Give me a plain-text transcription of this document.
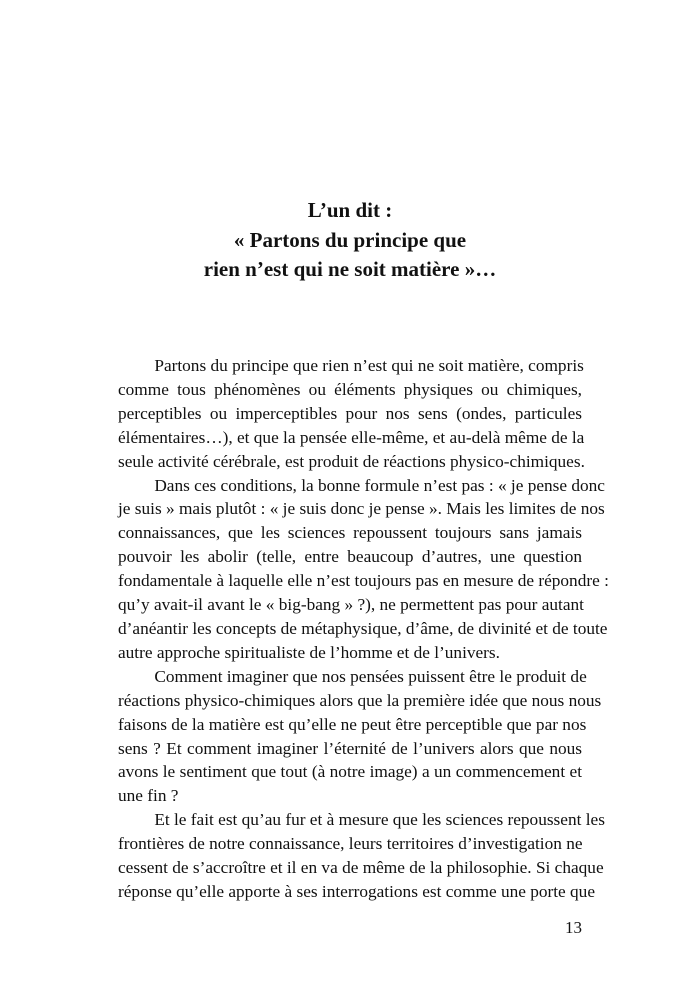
L’un dit :
« Partons du principe que
rien n’est qui ne soit matière »…
Partons du principe que rien n’est qui ne soit matière, compris
comme tous phénomènes ou éléments physiques ou chimiques,
perceptibles ou imperceptibles pour nos sens (ondes, particules
élémentaires…), et que la pensée elle-même, et au-delà même de la
seule activité cérébrale, est produit de réactions physico-chimiques.
Dans ces conditions, la bonne formule n’est pas : « je pense donc
je suis » mais plutôt : « je suis donc je pense ». Mais les limites de nos
connaissances, que les sciences repoussent toujours sans jamais
pouvoir les abolir (telle, entre beaucoup d’autres, une question
fondamentale à laquelle elle n’est toujours pas en mesure de répondre :
qu’y avait-il avant le « big-bang » ?), ne permettent pas pour autant
d’anéantir les concepts de métaphysique, d’âme, de divinité et de toute
autre approche spiritualiste de l’homme et de l’univers.
Comment imaginer que nos pensées puissent être le produit de
réactions physico-chimiques alors que la première idée que nous nous
faisons de la matière est qu’elle ne peut être perceptible que par nos
sens ? Et comment imaginer l’éternité de l’univers alors que nous
avons le sentiment que tout (à notre image) a un commencement et
une fin ?
Et le fait est qu’au fur et à mesure que les sciences repoussent les
frontières de notre connaissance, leurs territoires d’investigation ne
cessent de s’accroître et il en va de même de la philosophie. Si chaque
réponse qu’elle apporte à ses interrogations est comme une porte que
13
